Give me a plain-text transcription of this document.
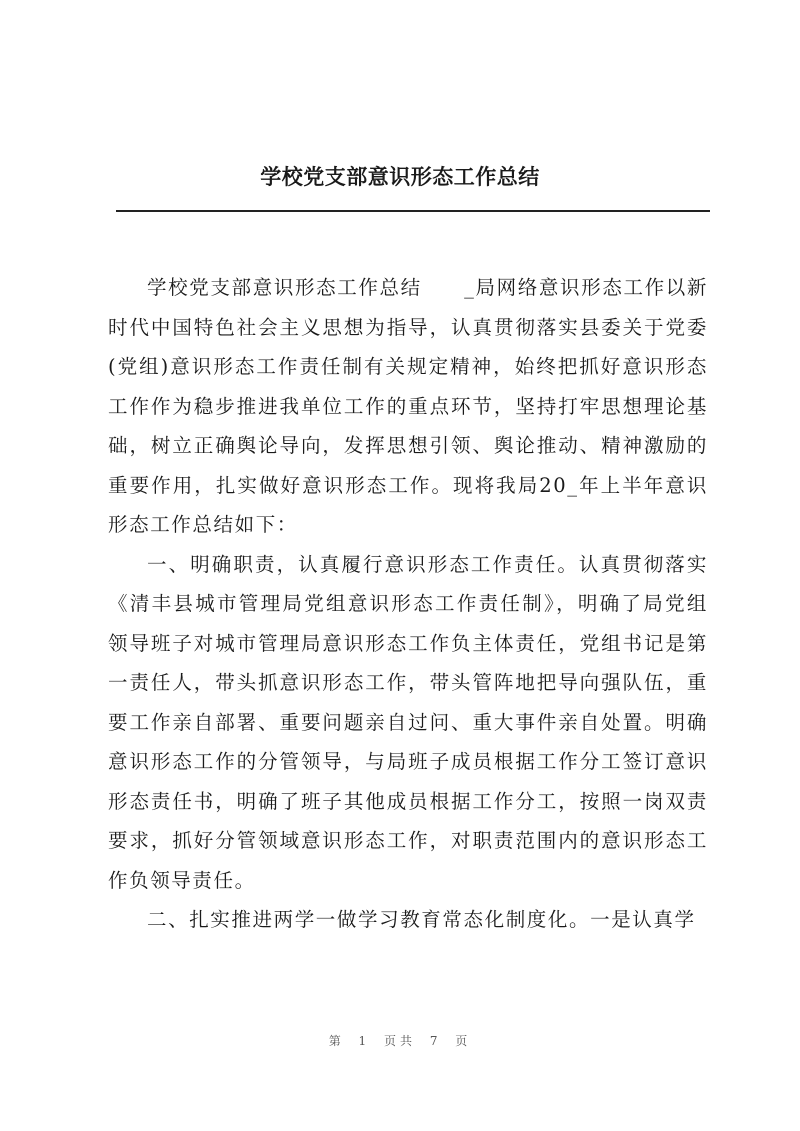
学校党支部意识形态工作总结

学校党支部意识形态工作总结　　_局网络意识形态工作以新时代中国特色社会主义思想为指导，认真贯彻落实县委关于党委(党组)意识形态工作责任制有关规定精神，始终把抓好意识形态工作作为稳步推进我单位工作的重点环节，坚持打牢思想理论基础，树立正确舆论导向，发挥思想引领、舆论推动、精神激励的重要作用，扎实做好意识形态工作。现将我局20_年上半年意识形态工作总结如下：

一、明确职责，认真履行意识形态工作责任。认真贯彻落实《清丰县城市管理局党组意识形态工作责任制》，明确了局党组领导班子对城市管理局意识形态工作负主体责任，党组书记是第一责任人，带头抓意识形态工作，带头管阵地把导向强队伍，重要工作亲自部署、重要问题亲自过问、重大事件亲自处置。明确意识形态工作的分管领导，与局班子成员根据工作分工签订意识形态责任书，明确了班子其他成员根据工作分工，按照一岗双责要求，抓好分管领域意识形态工作，对职责范围内的意识形态工作负领导责任。

二、扎实推进两学一做学习教育常态化制度化。一是认真学

第 1 页共 7 页
